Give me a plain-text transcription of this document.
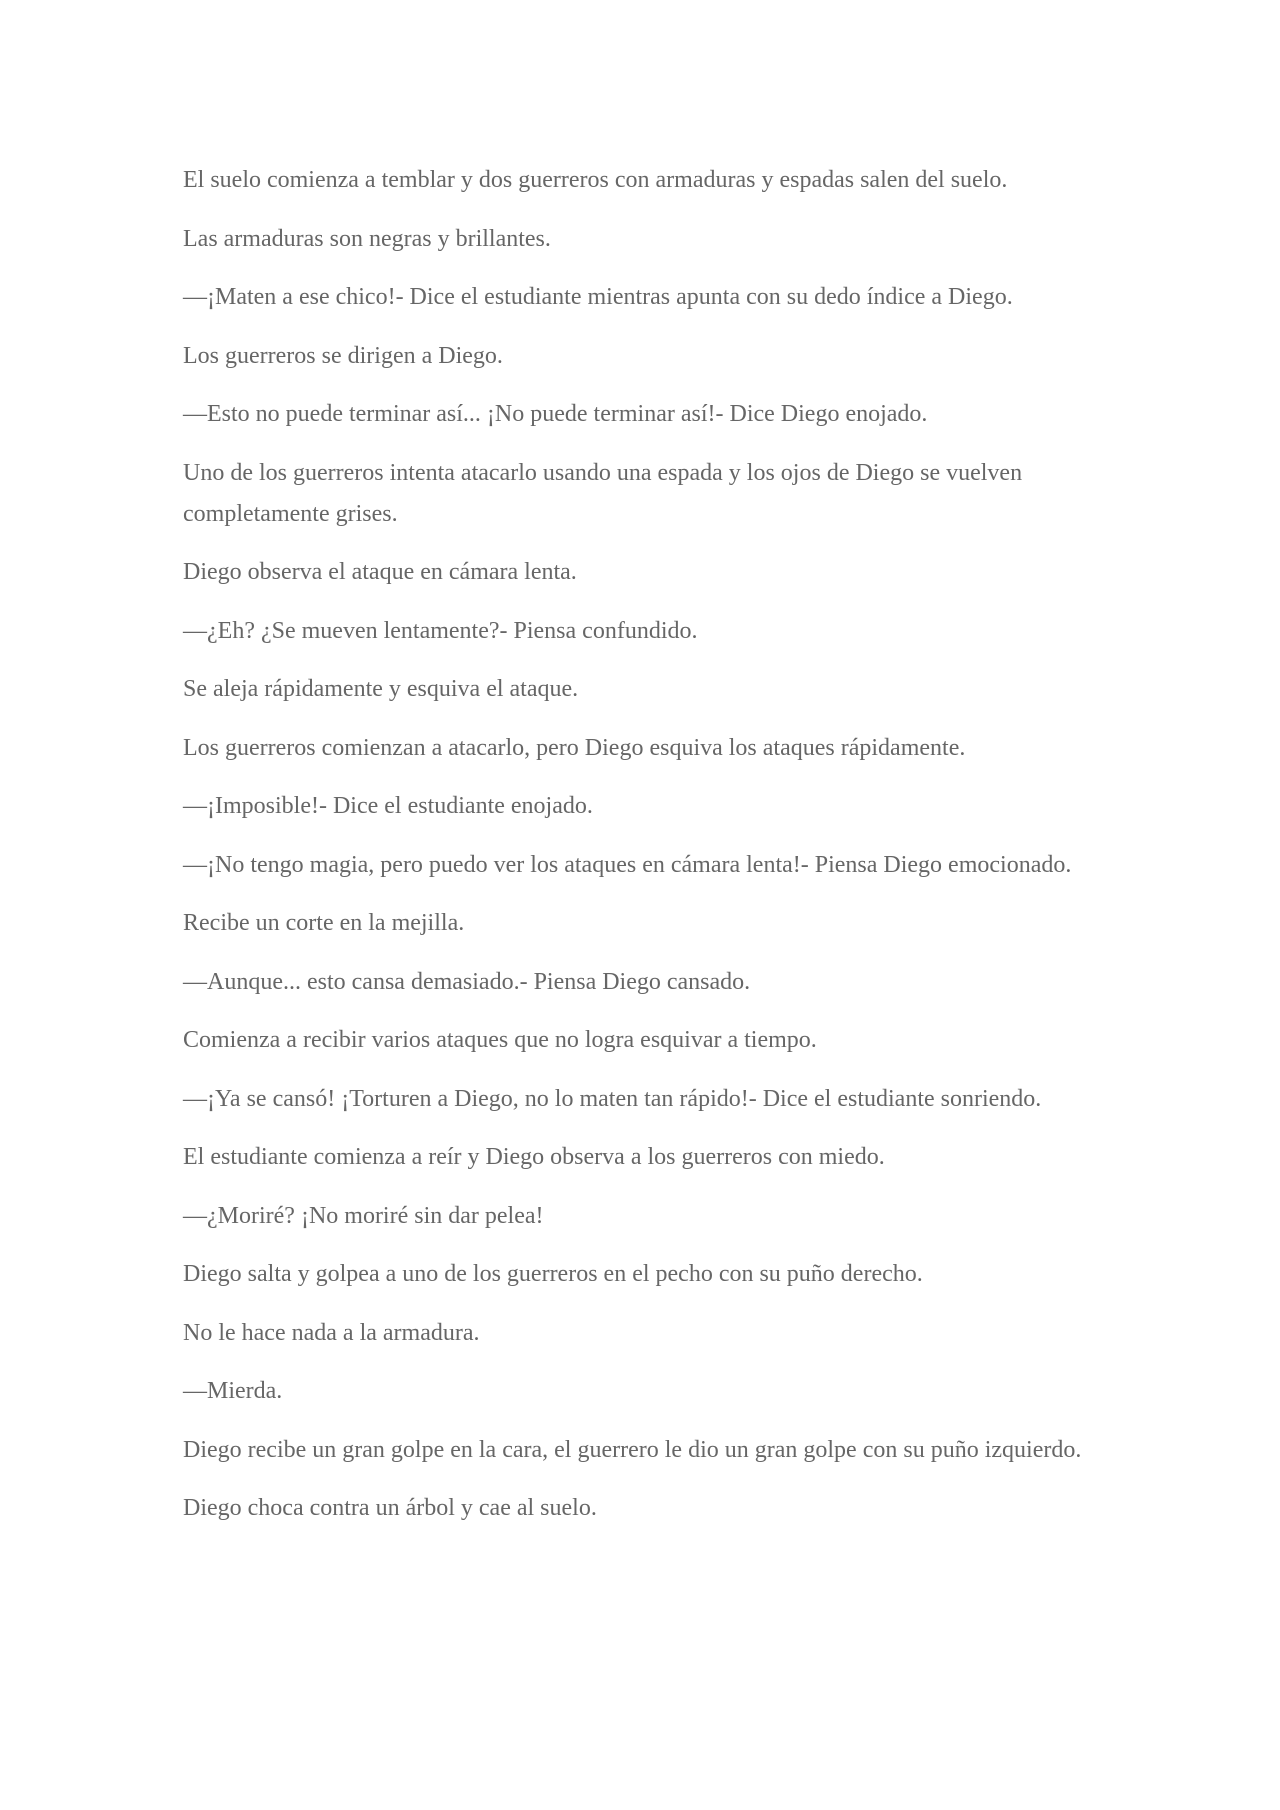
El suelo comienza a temblar y dos guerreros con armaduras y espadas salen del suelo.

Las armaduras son negras y brillantes.

—¡Maten a ese chico!- Dice el estudiante mientras apunta con su dedo índice a Diego.

Los guerreros se dirigen a Diego.

—Esto no puede terminar así... ¡No puede terminar así!- Dice Diego enojado.

Uno de los guerreros intenta atacarlo usando una espada y los ojos de Diego se vuelven completamente grises.

Diego observa el ataque en cámara lenta.

—¿Eh? ¿Se mueven lentamente?- Piensa confundido.

Se aleja rápidamente y esquiva el ataque.

Los guerreros comienzan a atacarlo, pero Diego esquiva los ataques rápidamente.

—¡Imposible!- Dice el estudiante enojado.

—¡No tengo magia, pero puedo ver los ataques en cámara lenta!- Piensa Diego emocionado.

Recibe un corte en la mejilla.

—Aunque... esto cansa demasiado.- Piensa Diego cansado.

Comienza a recibir varios ataques que no logra esquivar a tiempo.

—¡Ya se cansó! ¡Torturen a Diego, no lo maten tan rápido!- Dice el estudiante sonriendo.

El estudiante comienza a reír y Diego observa a los guerreros con miedo.

—¿Moriré? ¡No moriré sin dar pelea!

Diego salta y golpea a uno de los guerreros en el pecho con su puño derecho.

No le hace nada a la armadura.

—Mierda.

Diego recibe un gran golpe en la cara, el guerrero le dio un gran golpe con su puño izquierdo.

Diego choca contra un árbol y cae al suelo.
